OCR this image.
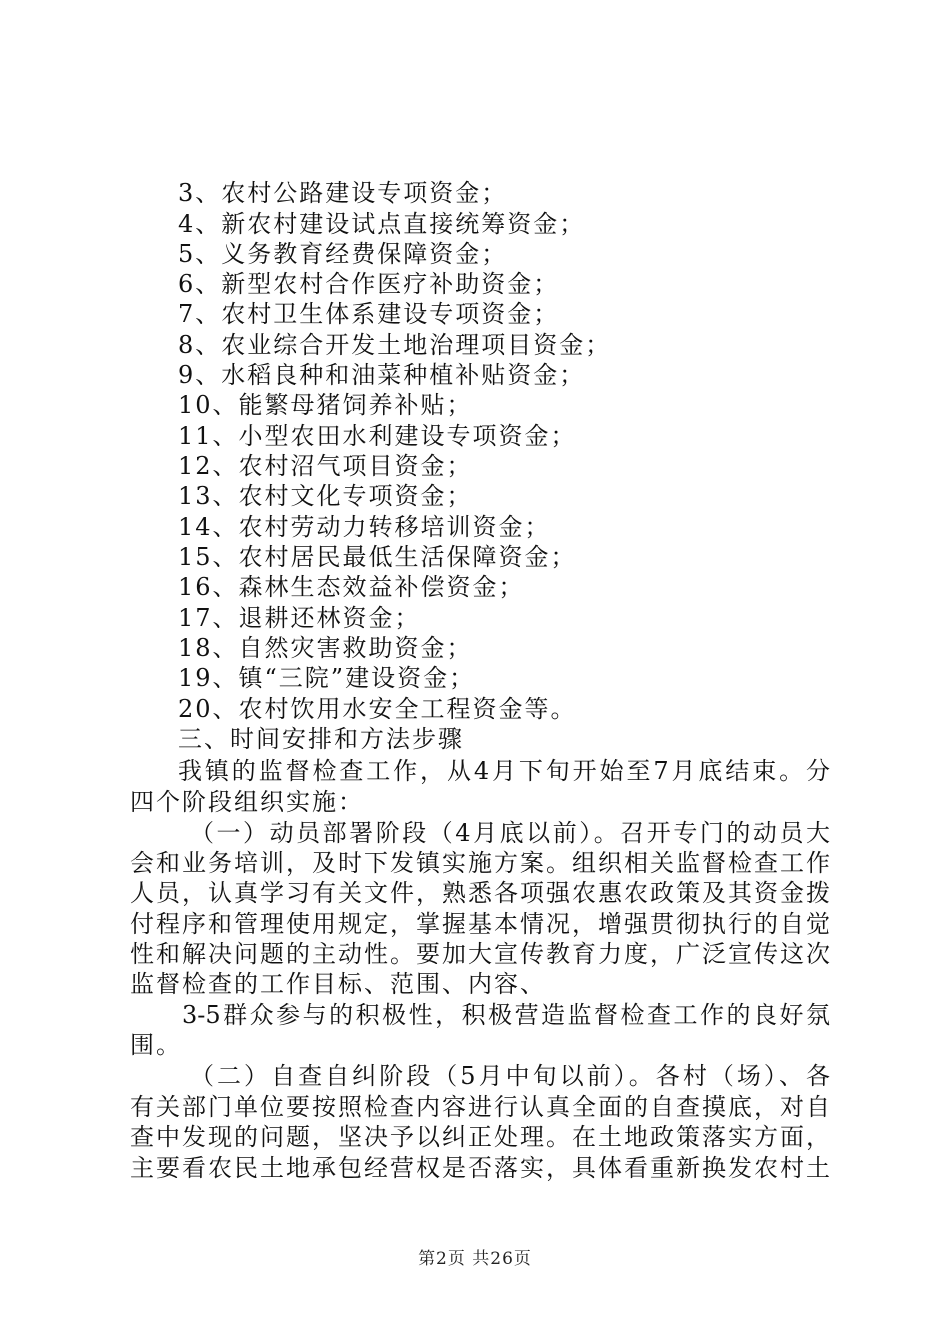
3、农村公路建设专项资金；
4、新农村建设试点直接统筹资金；
5、义务教育经费保障资金；
6、新型农村合作医疗补助资金；
7、农村卫生体系建设专项资金；
8、农业综合开发土地治理项目资金；
9、水稻良种和油菜种植补贴资金；
10、能繁母猪饲养补贴；
11、小型农田水利建设专项资金；
12、农村沼气项目资金；
13、农村文化专项资金；
14、农村劳动力转移培训资金；
15、农村居民最低生活保障资金；
16、森林生态效益补偿资金；
17、退耕还林资金；
18、自然灾害救助资金；
19、镇“三院”建设资金；
20、农村饮用水安全工程资金等。
三、时间安排和方法步骤
我镇的监督检查工作，从4月下旬开始至7月底结束。分
四个阶段组织实施：
（一）动员部署阶段（4月底以前）。召开专门的动员大
会和业务培训，及时下发镇实施方案。组织相关监督检查工作
人员，认真学习有关文件，熟悉各项强农惠农政策及其资金拨
付程序和管理使用规定，掌握基本情况，增强贯彻执行的自觉
性和解决问题的主动性。要加大宣传教育力度，广泛宣传这次
监督检查的工作目标、范围、内容、
3-5群众参与的积极性，积极营造监督检查工作的良好氛
围。
（二）自查自纠阶段（5月中旬以前）。各村（场）、各
有关部门单位要按照检查内容进行认真全面的自查摸底，对自
查中发现的问题，坚决予以纠正处理。在土地政策落实方面，
主要看农民土地承包经营权是否落实，具体看重新换发农村土
第2页 共26页
